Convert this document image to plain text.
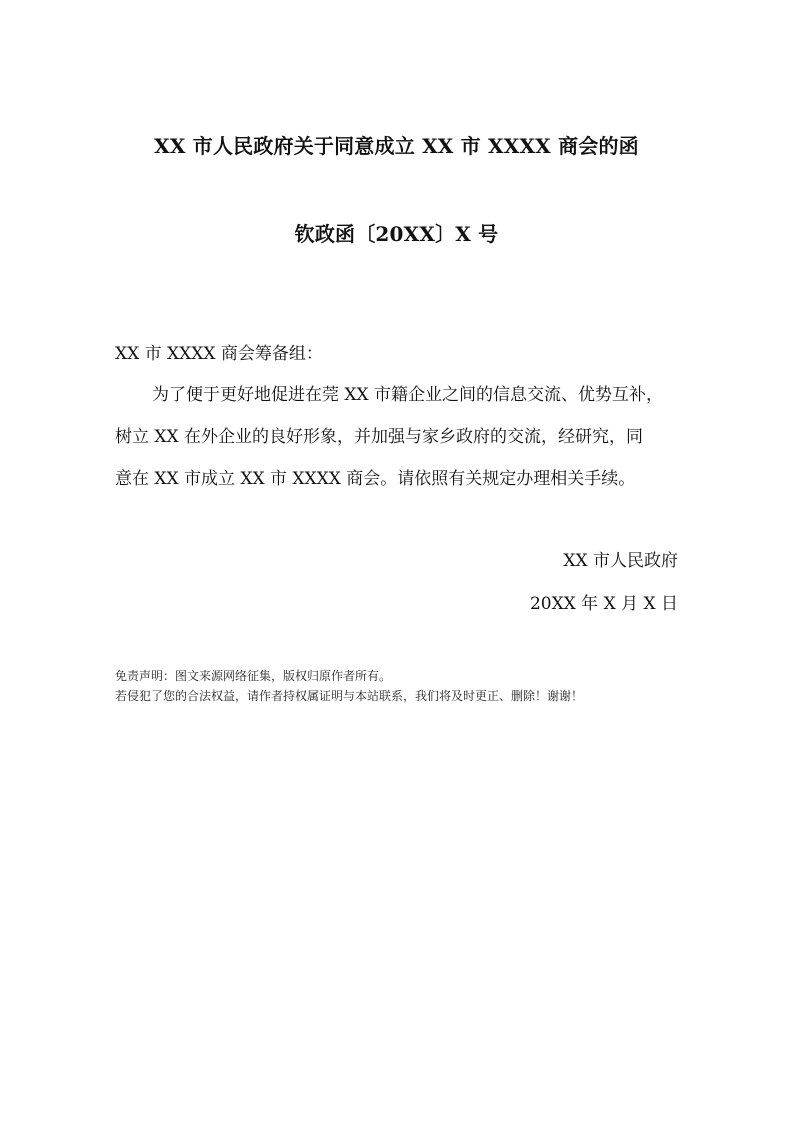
XX 市人民政府关于同意成立 XX 市 XXXX 商会的函
钦政函〔20XX〕X 号
XX 市 XXXX 商会筹备组：
为了便于更好地促进在莞 XX 市籍企业之间的信息交流、优势互补，
树立 XX 在外企业的良好形象，并加强与家乡政府的交流，经研究，同
意在 XX 市成立 XX 市 XXXX 商会。请依照有关规定办理相关手续。
XX 市人民政府
20XX 年 X 月 X 日
免责声明：图文来源网络征集，版权归原作者所有。
若侵犯了您的合法权益，请作者持权属证明与本站联系，我们将及时更正、删除！谢谢！
